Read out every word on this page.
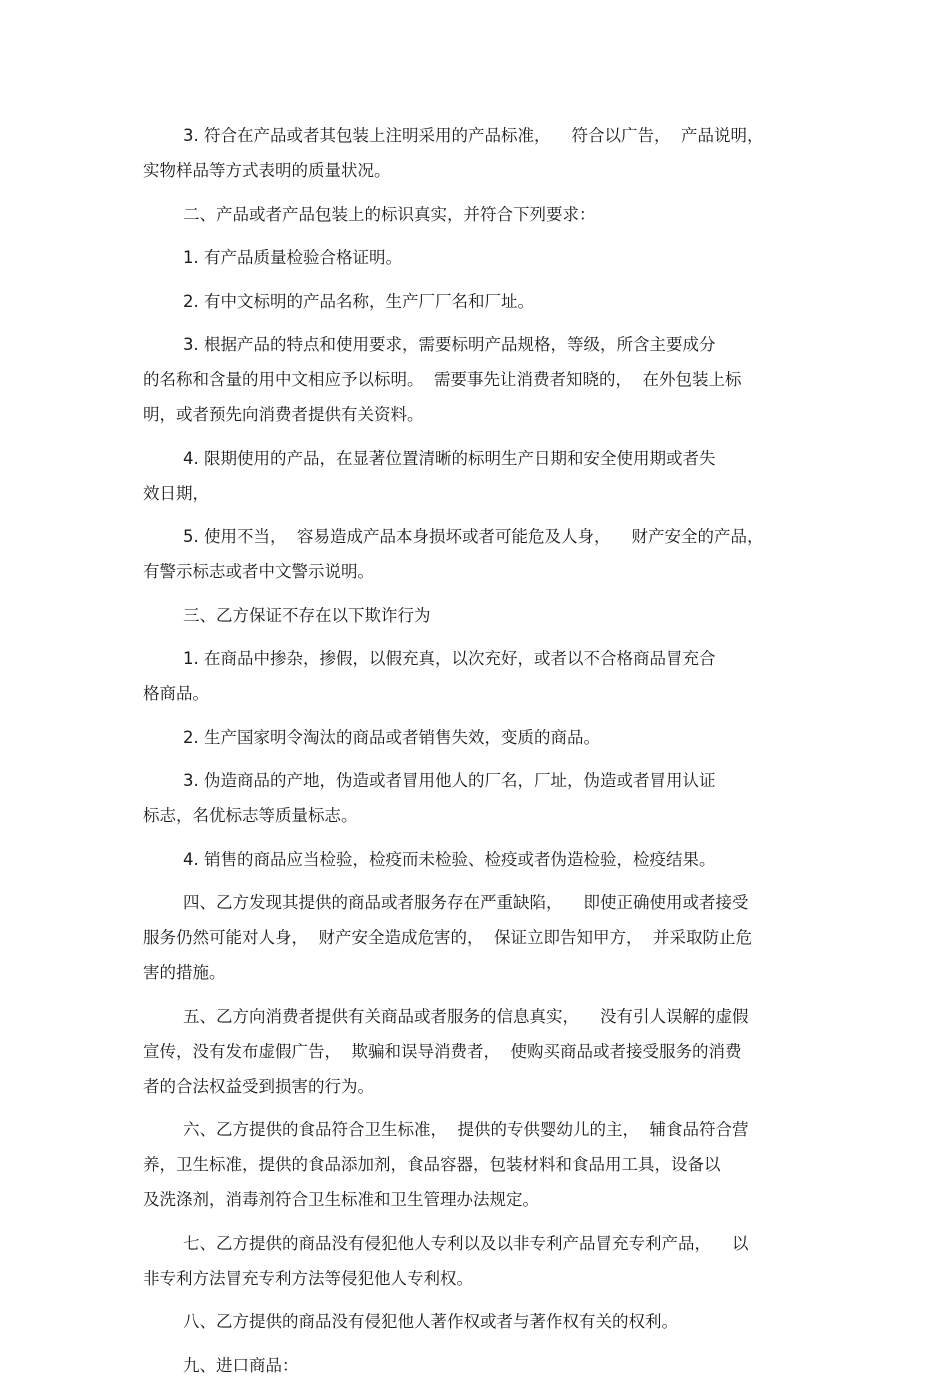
3. 符合在产品或者其包装上注明采用的产品标准，    符合以广告，  产品说明，
实物样品等方式表明的质量状况。
二、产品或者产品包装上的标识真实，并符合下列要求：
1. 有产品质量检验合格证明。
2. 有中文标明的产品名称，生产厂厂名和厂址。
3. 根据产品的特点和使用要求，需要标明产品规格，等级，所含主要成分
的名称和含量的用中文相应予以标明。  需要事先让消费者知晓的，  在外包装上标
明，或者预先向消费者提供有关资料。
4. 限期使用的产品，在显著位置清晰的标明生产日期和安全使用期或者失
效日期，
5. 使用不当，  容易造成产品本身损坏或者可能危及人身，    财产安全的产品，
有警示标志或者中文警示说明。
三、乙方保证不存在以下欺诈行为
1. 在商品中掺杂，掺假，以假充真，以次充好，或者以不合格商品冒充合
格商品。
2. 生产国家明令淘汰的商品或者销售失效，变质的商品。
3. 伪造商品的产地，伪造或者冒用他人的厂名，厂址，伪造或者冒用认证
标志，名优标志等质量标志。
4. 销售的商品应当检验，检疫而未检验、检疫或者伪造检验，检疫结果。
四、乙方发现其提供的商品或者服务存在严重缺陷，    即使正确使用或者接受
服务仍然可能对人身，  财产安全造成危害的，  保证立即告知甲方，  并采取防止危
害的措施。
五、乙方向消费者提供有关商品或者服务的信息真实，    没有引人误解的虚假
宣传，没有发布虚假广告，  欺骗和误导消费者，  使购买商品或者接受服务的消费
者的合法权益受到损害的行为。
六、乙方提供的食品符合卫生标准，  提供的专供婴幼儿的主，  辅食品符合营
养，卫生标准，提供的食品添加剂，食品容器，包装材料和食品用工具，设备以
及洗涤剂，消毒剂符合卫生标准和卫生管理办法规定。
七、乙方提供的商品没有侵犯他人专利以及以非专利产品冒充专利产品，    以
非专利方法冒充专利方法等侵犯他人专利权。
八、乙方提供的商品没有侵犯他人著作权或者与著作权有关的权利。
九、进口商品：
